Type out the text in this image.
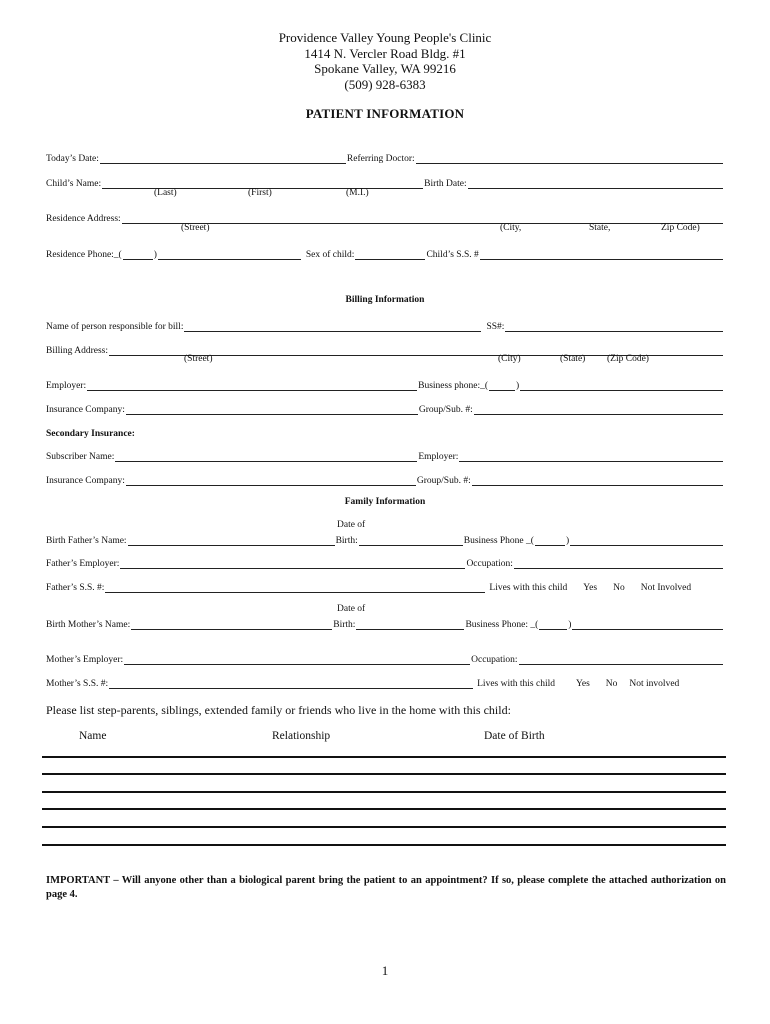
Providence Valley Young People's Clinic
1414 N. Vercler Road Bldg. #1
Spokane Valley, WA 99216
(509) 928-6383
PATIENT INFORMATION
Today’s Date:	Referring Doctor:
Child’s Name:	Birth Date:
(Last)	(First)	(M.I.)
Residence Address:
(Street)	(City,	State,	Zip Code)
Residence Phone:_(	)	Sex of child:	Child’s S.S. #
Billing Information
Name of person responsible for bill:	SS#:
Billing Address:
(Street)	(City)	(State) (Zip Code)
Employer:	Business phone:_(	)
Insurance Company:	Group/Sub. #:
Secondary Insurance:
Subscriber Name:	Employer:
Insurance Company:	Group/Sub. #:
Family Information
Date of
Birth Father’s Name:	Birth:	Business Phone _(	)
Father’s Employer:	Occupation:
Father’s S.S. #:	Lives with this child Yes No Not Involved
Date of
Birth Mother’s Name:	Birth:	Business Phone: _(	)
Mother’s Employer:	Occupation:
Mother’s S.S. #:	Lives with this child Yes No Not involved
Please list step-parents, siblings, extended family or friends who live in the home with this child:
Name	Relationship	Date of Birth
IMPORTANT – Will anyone other than a biological parent bring the patient to an appointment? If so, please complete the attached authorization on page 4.
1
